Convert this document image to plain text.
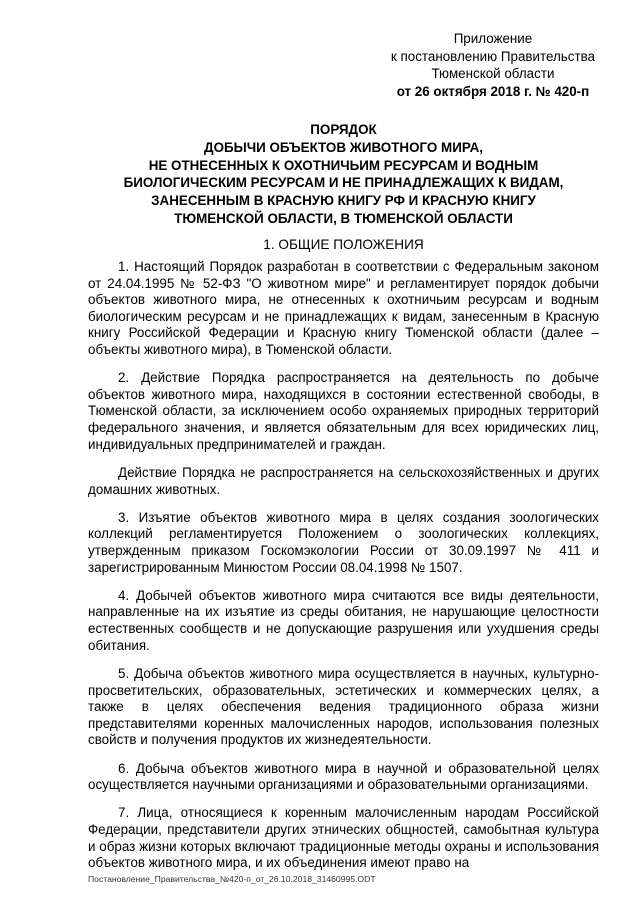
Приложение
к постановлению Правительства
Тюменской области
от 26 октября 2018 г. № 420-п
ПОРЯДОК
ДОБЫЧИ ОБЪЕКТОВ ЖИВОТНОГО МИРА,
НЕ ОТНЕСЕННЫХ К ОХОТНИЧЬИМ РЕСУРСАМ И ВОДНЫМ
БИОЛОГИЧЕСКИМ РЕСУРСАМ И НЕ ПРИНАДЛЕЖАЩИХ К ВИДАМ,
ЗАНЕСЕННЫМ В КРАСНУЮ КНИГУ РФ И КРАСНУЮ КНИГУ
ТЮМЕНСКОЙ ОБЛАСТИ, В ТЮМЕНСКОЙ ОБЛАСТИ
1. ОБЩИЕ ПОЛОЖЕНИЯ

1. Настоящий Порядок разработан в соответствии с Федеральным законом от 24.04.1995 № 52-ФЗ "О животном мире" и регламентирует порядок добычи объектов животного мира, не отнесенных к охотничьим ресурсам и водным биологическим ресурсам и не принадлежащих к видам, занесенным в Красную книгу Российской Федерации и Красную книгу Тюменской области (далее – объекты животного мира), в Тюменской области.

2. Действие Порядка распространяется на деятельность по добыче объектов животного мира, находящихся в состоянии естественной свободы, в Тюменской области, за исключением особо охраняемых природных территорий федерального значения, и является обязательным для всех юридических лиц, индивидуальных предпринимателей и граждан.

Действие Порядка не распространяется на сельскохозяйственных и других домашних животных.

3. Изъятие объектов животного мира в целях создания зоологических коллекций регламентируется Положением о зоологических коллекциях, утвержденным приказом Госкомэкологии России от 30.09.1997 № 411 и зарегистрированным Минюстом России 08.04.1998 № 1507.

4. Добычей объектов животного мира считаются все виды деятельности, направленные на их изъятие из среды обитания, не нарушающие целостности естественных сообществ и не допускающие разрушения или ухудшения среды обитания.

5. Добыча объектов животного мира осуществляется в научных, культурно-просветительских, образовательных, эстетических и коммерческих целях, а также в целях обеспечения ведения традиционного образа жизни представителями коренных малочисленных народов, использования полезных свойств и получения продуктов их жизнедеятельности.

6. Добыча объектов животного мира в научной и образовательной целях осуществляется научными организациями и образовательными организациями.

7. Лица, относящиеся к коренным малочисленным народам Российской Федерации, представители других этнических общностей, самобытная культура и образ жизни которых включают традиционные методы охраны и использования объектов животного мира, и их объединения имеют право на

Постановление_Правительства_№420-п_от_26.10.2018_31460995.ODT
